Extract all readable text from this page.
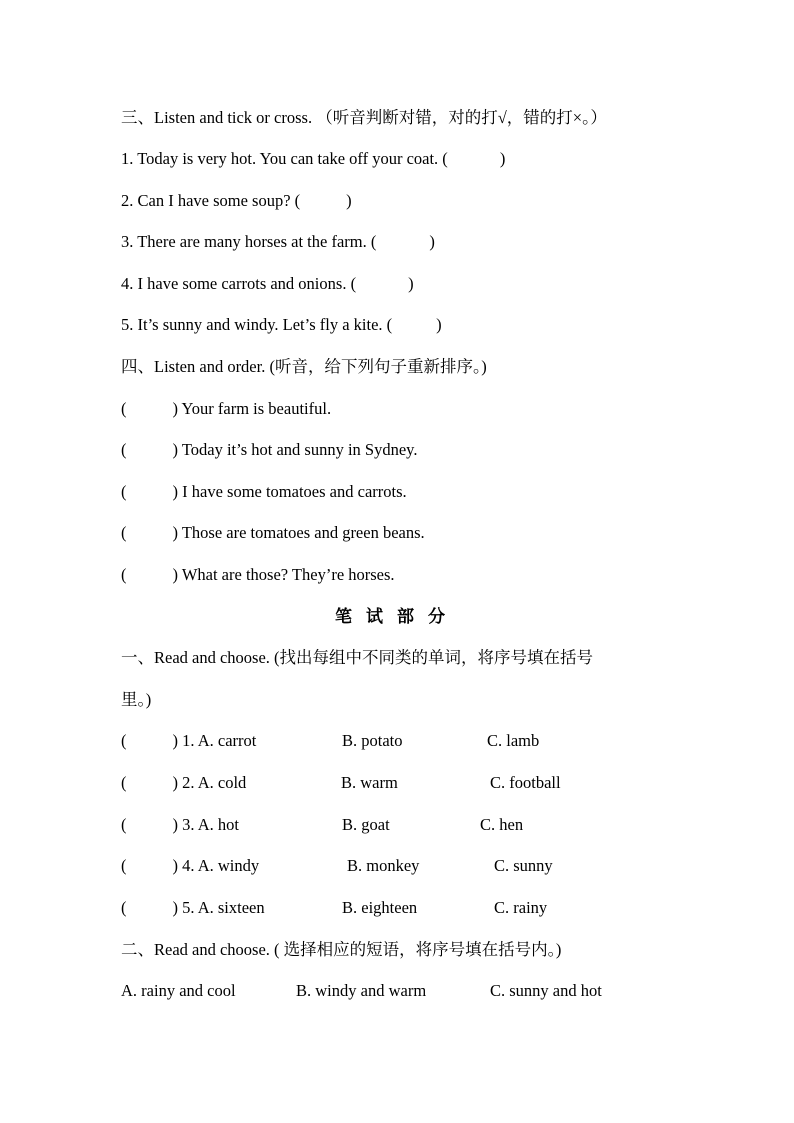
三、Listen and tick or cross. （听音判断对错，对的打√，错的打×。）
1. Today is very hot. You can take off your coat. (	)
2. Can I have some soup? (	)
3. There are many horses at the farm. (	)
4. I have some carrots and onions. (	)
5. It’s sunny and windy. Let’s fly a kite. (	)
四、Listen and order. (听音，给下列句子重新排序。)
(	) Your farm is beautiful.
(	) Today it’s hot and sunny in Sydney.
(	) I have some tomatoes and carrots.
(	) Those are tomatoes and green beans.
(	) What are those? They’re horses.
笔试部分
一、Read and choose. (找出每组中不同类的单词，将序号填在括号
里。)
(	) 1. A. carrot	B. potato	C. lamb
(	) 2. A. cold	B. warm	C. football
(	) 3. A. hot	B. goat	C. hen
(	) 4. A. windy	B. monkey	C. sunny
(	) 5. A. sixteen	B. eighteen	C. rainy
二、Read and choose. ( 选择相应的短语，将序号填在括号内。)
A. rainy and cool	B. windy and warm	C. sunny and hot
